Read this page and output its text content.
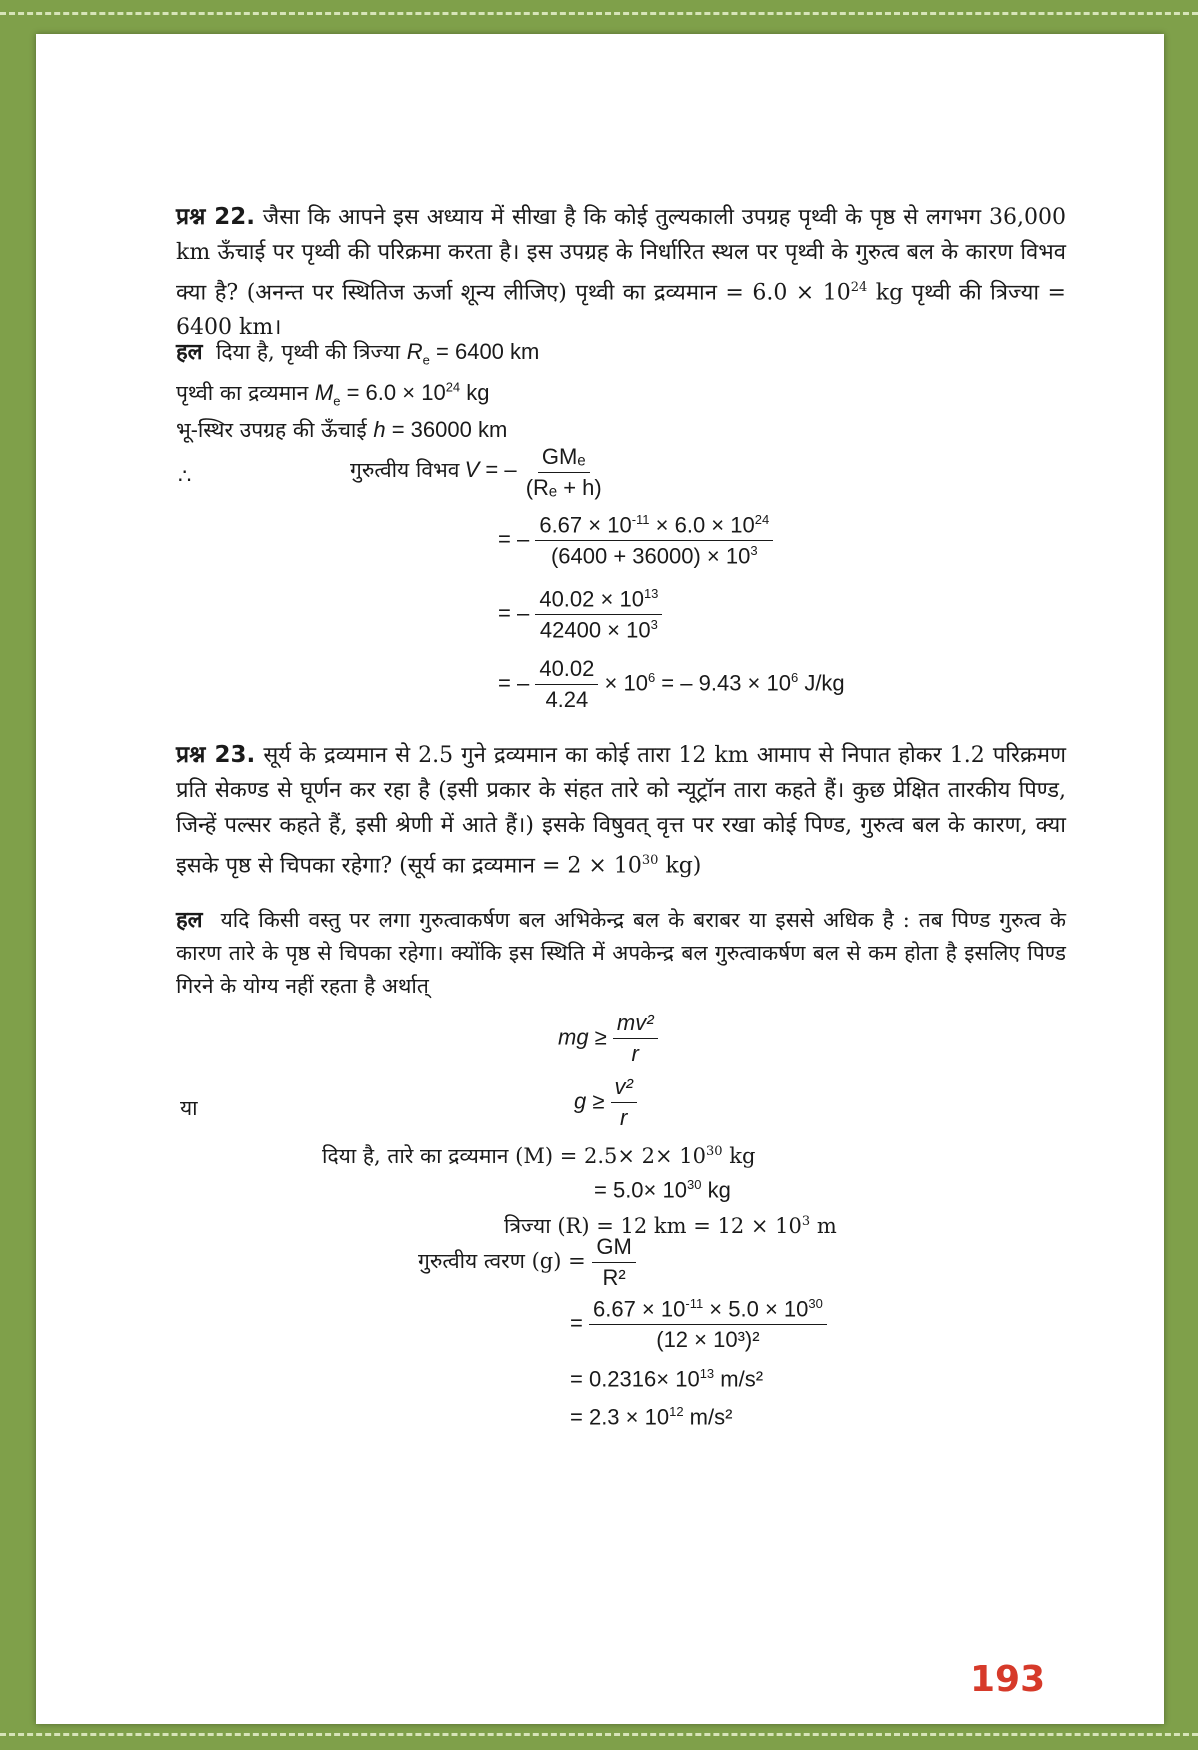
प्रश्न 22. जैसा कि आपने इस अध्याय में सीखा है कि कोई तुल्यकाली उपग्रह पृथ्वी के पृष्ठ से लगभग 36,000 km ऊँचाई पर पृथ्वी की परिक्रमा करता है। इस उपग्रह के निर्धारित स्थल पर पृथ्वी के गुरुत्व बल के कारण विभव क्या है? (अनन्त पर स्थितिज ऊर्जा शून्य लीजिए) पृथ्वी का द्रव्यमान = $6.0 \times 10^{24}$ kg पृथ्वी की त्रिज्या = 6400 km।
हल दिया है, पृथ्वी की त्रिज्या $R_e = 6400$ km
पृथ्वी का द्रव्यमान $M_e = 6.0 \times 10^{24}$ kg
भू-स्थिर उपग्रह की ऊँचाई h = 36000 km
∴	गुरुत्वीय विभव V = – $\frac{\text{GMₑ}}{\text{(Rₑ + h)}}$
= – $\frac{6.67 \times 10^{-11} \times 6.0 \times 10^{24}}{(6400 + 36000) \times 10^3}$
= – $\frac{40.02 \times 10^{13}}{42400 \times 10^3}$
= – $\frac{40.02}{4.24} \times 10^6$ = – $9.43 \times 10^6$ J/kg
प्रश्न 23. सूर्य के द्रव्यमान से 2.5 गुने द्रव्यमान का कोई तारा 12 km आमाप से निपात होकर 1.2 परिक्रमण प्रति सेकण्ड से घूर्णन कर रहा है (इसी प्रकार के संहत तारे को न्यूट्रॉन तारा कहते हैं। कुछ प्रेक्षित तारकीय पिण्ड, जिन्हें पल्सर कहते हैं, इसी श्रेणी में आते हैं।) इसके विषुवत् वृत्त पर रखा कोई पिण्ड, गुरुत्व बल के कारण, क्या इसके पृष्ठ से चिपका रहेगा? (सूर्य का द्रव्यमान = $2 \times 10^{30}$ kg)
हल यदि किसी वस्तु पर लगा गुरुत्वाकर्षण बल अभिकेन्द्र बल के बराबर या इससे अधिक है : तब पिण्ड गुरुत्व के कारण तारे के पृष्ठ से चिपका रहेगा। क्योंकि इस स्थिति में अपकेन्द्र बल गुरुत्वाकर्षण बल से कम होता है इसलिए पिण्ड गिरने के योग्य नहीं रहता है अर्थात्
mg ≥ $\frac{\text{mv²}}{r}$
या	$g \ge \frac{\text{v²}}{r}$
दिया है, तारे का द्रव्यमान $(M) = 2.5\times 2\times 10^{30}$ kg
= $5.0\times 10^{30}$ kg
त्रिज्या (R) = 12 km = $12 \times 10^3$ m
गुरुत्वीय त्वरण $(g) = \frac{GM}{\text{R²}}$
= $\frac{6.67 \times 10^{-11} \times 5.0 \times 10^{30}}{\text{(12 × 10³)²}}$
= $0.2316\times 10^{13}$ m/s²
= $2.3 \times 10^{12}$ m/s²
193
